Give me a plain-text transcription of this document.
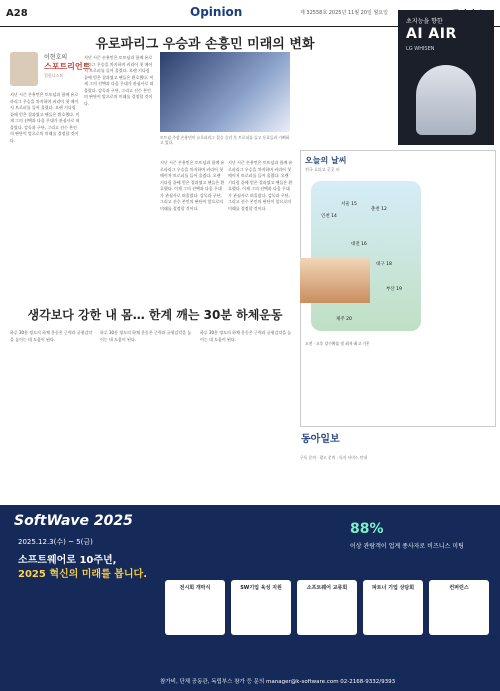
A28	Opinion	제 32558호 2025년 11월 20일 월요일
초지능을 향한
AI AIR
LG WHISEN
유로파리그 우승과 손흥민 미래의 변화
이현호의
스포트리언트
컬럼니스트
지난 시즌 손흥민은 토트넘과 함께 유로파리그 우승을 차지하며 커리어 첫 메이저 트로피를 들어 올렸다. 오랜 기다림 끝에 얻은 결과였고 팬들은 환호했다. 이제 그의 선택과 다음 무대가 관심사로 떠올랐다. 감독과 구단, 그리고 선수 본인의 판단이 앞으로의 미래를 결정할 것이다.
지난 시즌 손흥민은 토트넘과 함께 유로파리그 우승을 차지하며 커리어 첫 메이저 트로피를 들어 올렸다. 오랜 기다림 끝에 얻은 결과였고 팬들은 환호했다. 이제 그의 선택과 다음 무대가 관심사로 떠올랐다. 감독과 구단, 그리고 선수 본인의 판단이 앞으로의 미래를 결정할 것이다.
토트넘 주장 손흥민이 유로파리그 결승 승리 후 트로피를 들고 동료들과 기뻐하고 있다.
지난 시즌 손흥민은 토트넘과 함께 유로파리그 우승을 차지하며 커리어 첫 메이저 트로피를 들어 올렸다. 오랜 기다림 끝에 얻은 결과였고 팬들은 환호했다. 이제 그의 선택과 다음 무대가 관심사로 떠올랐다. 감독과 구단, 그리고 선수 본인의 판단이 앞으로의 미래를 결정할 것이다.
지난 시즌 손흥민은 토트넘과 함께 유로파리그 우승을 차지하며 커리어 첫 메이저 트로피를 들어 올렸다. 오랜 기다림 끝에 얻은 결과였고 팬들은 환호했다. 이제 그의 선택과 다음 무대가 관심사로 떠올랐다. 감독과 구단, 그리고 선수 본인의 판단이 앞으로의 미래를 결정할 것이다.
오늘의 날씨
전국 흐리고 곳곳 비
서울 15
인천 14
춘천 12
대전 16
대구 18
부산 19
제주 20
오전 · 오후 강수확률 및 최저·최고 기온
생각보다 강한 내 몸… 한계 깨는 30분 하체운동
하루 30분 정도의 하체 운동은 근력과 균형감각을 높이는 데 도움이 된다.
하루 30분 정도의 하체 운동은 근력과 균형감각을 높이는 데 도움이 된다.
하루 30분 정도의 하체 운동은 근력과 균형감각을 높이는 데 도움이 된다.
동아일보
구독 문의 · 광고 문의 · 독자 서비스 안내
SoftWave 2025
2025.12.3(수) ~ 5(금)
소프트웨어로 10주년,
2025 혁신의 미래를 봅니다.
88%
이상 관람객이 업계 종사자로 비즈니스 미팅
전시회 개막식	SW기업 육성 지원	소프트웨어 교류회	파트너 기업 상담회	컨퍼런스
참가비, 단체 공동관, 독립부스 참가 등 문의 manager@k-software.com 02-2168-9332/9393
